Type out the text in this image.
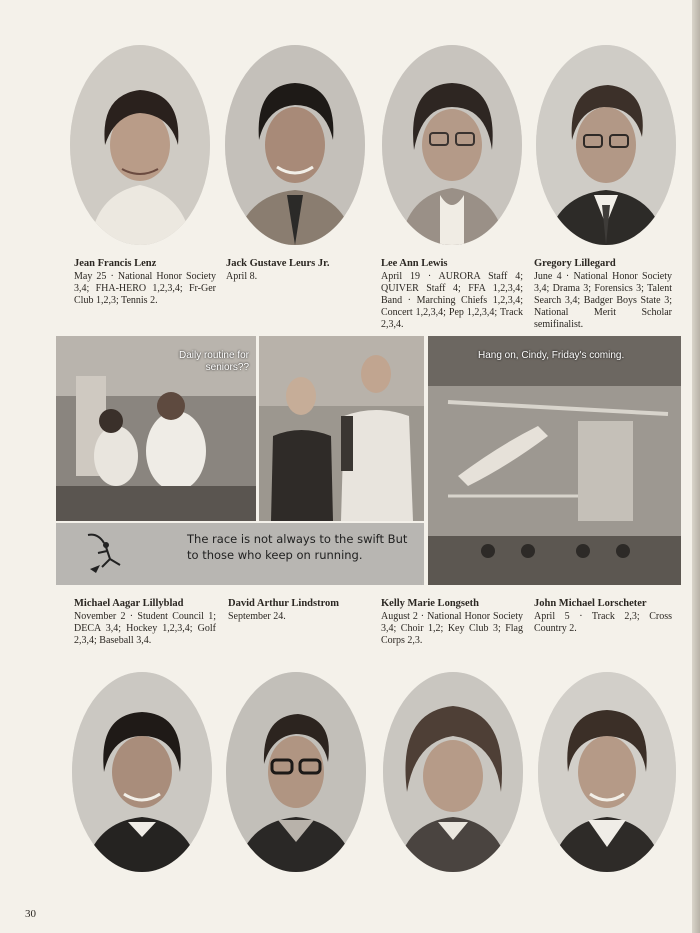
Jean Francis Lenz
May 25 · National Honor Society 3,4; FHA-HERO 1,2,3,4; Fr-Ger Club 1,2,3; Tennis 2.
Jack Gustave Leurs Jr.
April 8.
Lee Ann Lewis
April 19 · AURORA Staff 4; QUIVER Staff 4; FFA 1,2,3,4; Band · Marching Chiefs 1,2,3,4; Concert 1,2,3,4; Pep 1,2,3,4; Track 2,3,4.
Gregory Lillegard
June 4 · National Honor Society 3,4; Drama 3; Forensics 3; Talent Search 3,4; Badger Boys State 3; National Merit Scholar semifinalist.
Daily routine for seniors??
Hang on, Cindy, Friday's coming.
The race is not always to the swift But to those who keep on running.
Michael Aagar Lillyblad
November 2 · Student Council 1; DECA 3,4; Hockey 1,2,3,4; Golf 2,3,4; Baseball 3,4.
David Arthur Lindstrom
September 24.
Kelly Marie Longseth
August 2 · National Honor Society 3,4; Choir 1,2; Key Club 3; Flag Corps 2,3.
John Michael Lorscheter
April 5 · Track 2,3; Cross Country 2.
30
